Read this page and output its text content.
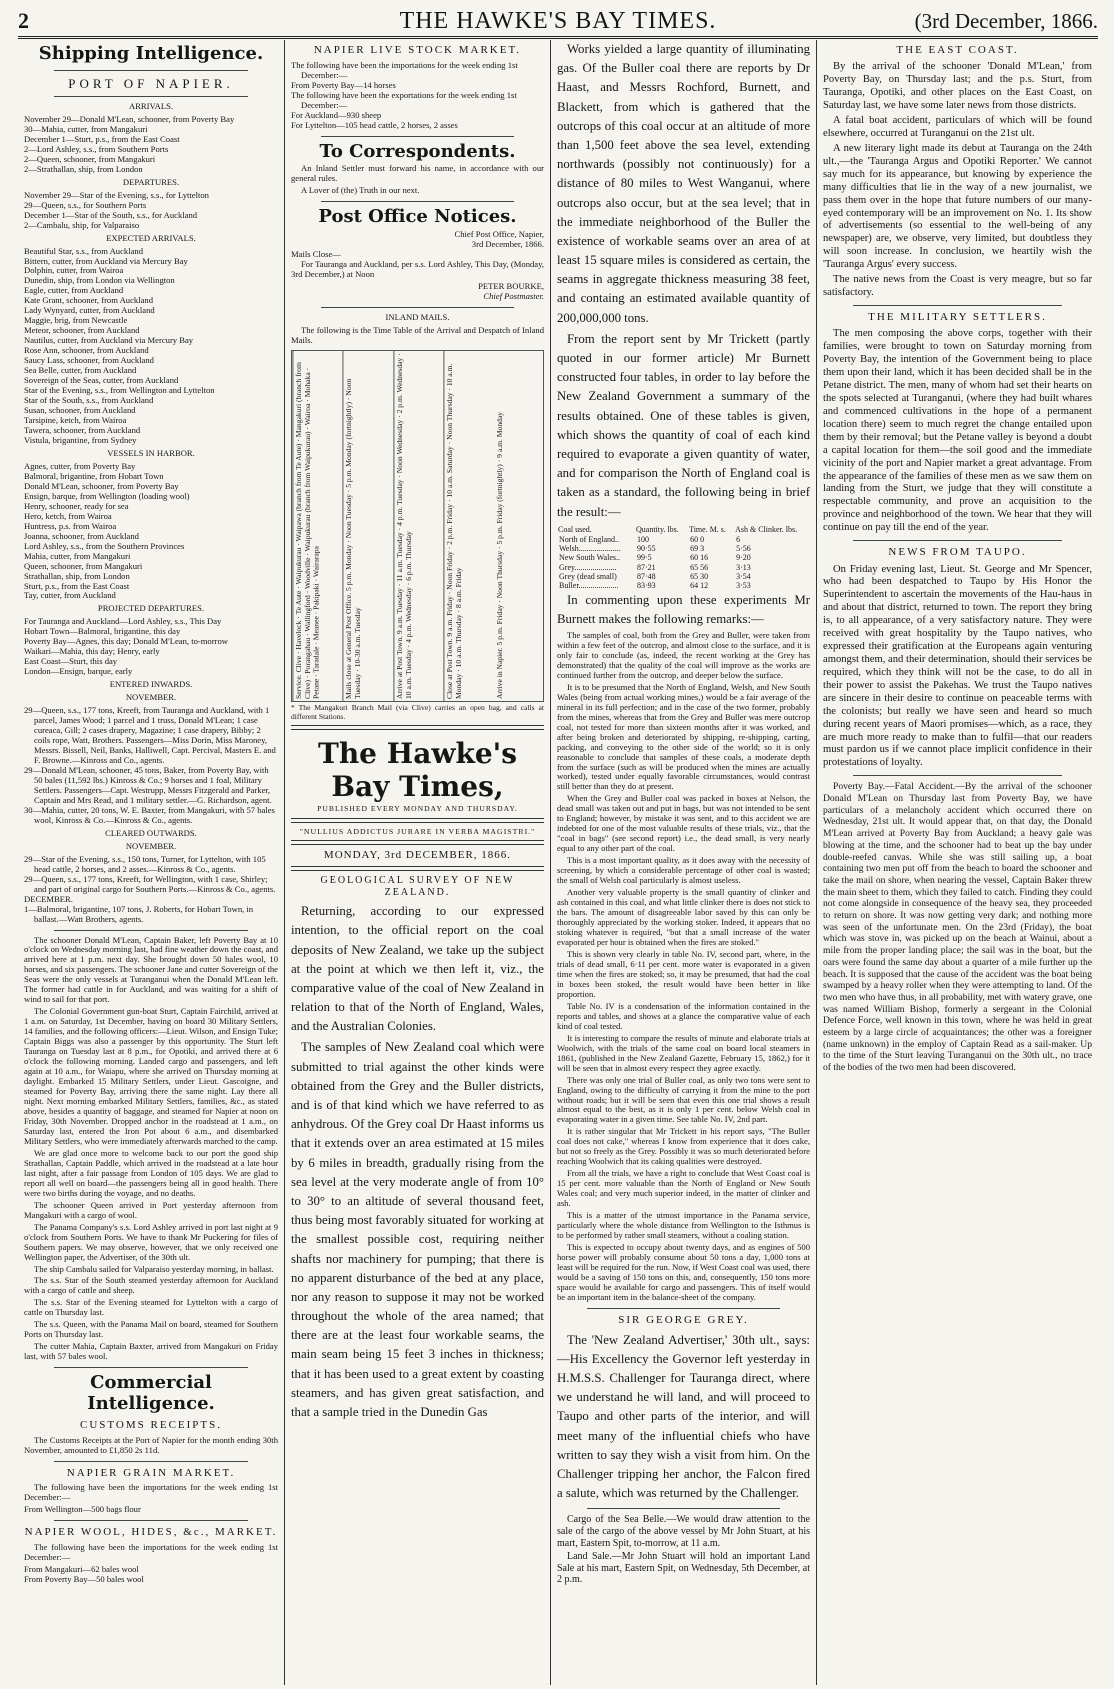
2	THE HAWKE'S BAY TIMES.	(3rd December, 1866.
Shipping Intelligence.
PORT OF NAPIER.
ARRIVALS.

November 29—Donald M'Lean, schooner, from Poverty Bay

30—Mahia, cutter, from Mangakuri

December 1—Sturt, p.s., from the East Coast

2—Lord Ashley, s.s., from Southern Ports

2—Queen, schooner, from Mangakuri

2—Strathallan, ship, from London

DEPARTURES.

November 29—Star of the Evening, s.s., for Lyttelton

29—Queen, s.s., for Southern Ports

December 1—Star of the South, s.s., for Auckland

2—Cambalu, ship, for Valparaiso

EXPECTED ARRIVALS.

Beautiful Star, s.s., from Auckland

Bittern, cutter, from Auckland via Mercury Bay

Dolphin, cutter, from Wairoa

Dunedin, ship, from London via Wellington

Eagle, cutter, from Auckland

Kate Grant, schooner, from Auckland

Lady Wynyard, cutter, from Auckland

Maggie, brig, from Newcastle

Meteor, schooner, from Auckland

Nautilus, cutter, from Auckland via Mercury Bay

Rose Ann, schooner, from Auckland

Saucy Lass, schooner, from Auckland

Sea Belle, cutter, from Auckland

Sovereign of the Seas, cutter, from Auckland

Star of the Evening, s.s., from Wellington and Lyttelton

Star of the South, s.s., from Auckland

Susan, schooner, from Auckland

Tarsipine, ketch, from Wairoa

Tawera, schooner, from Auckland

Vistula, brigantine, from Sydney

VESSELS IN HARBOR.

Agnes, cutter, from Poverty Bay

Balmoral, brigantine, from Hobart Town

Donald M'Lean, schooner, from Poverty Bay

Ensign, barque, from Wellington (loading wool)

Henry, schooner, ready for sea

Hero, ketch, from Wairoa

Huntress, p.s. from Wairoa

Joanna, schooner, from Auckland

Lord Ashley, s.s., from the Southern Provinces

Mahia, cutter, from Mangakuri

Queen, schooner, from Mangakuri

Strathallan, ship, from London

Sturt, p.s., from the East Coast

Tay, cutter, from Auckland

PROJECTED DEPARTURES.

For Tauranga and Auckland—Lord Ashley, s.s., This Day

Hobart Town—Balmoral, brigantine, this day

Poverty Bay—Agnes, this day; Donald M'Lean, to-morrow

Waikari—Mahia, this day; Henry, early

East Coast—Sturt, this day

London—Ensign, barque, early

ENTERED INWARDS.
NOVEMBER.

29—Queen, s.s., 177 tons, Kreeft, from Tauranga and Auckland, with 1 parcel, James Wood; 1 parcel and 1 truss, Donald M'Lean; 1 case cureaca, Gill; 2 cases drapery, Magazine; 1 case drapery, Bibby; 2 coils rope, Watt, Brothers. Passengers—Miss Dorin, Miss Maroney, Messrs. Bissell, Neil, Banks, Halliwell, Capt. Percival, Masters E. and F. Browne.—Kinross and Co., agents.

29—Donald M'Lean, schooner, 45 tons, Baker, from Poverty Bay, with 50 bales (11,592 lbs.) Kinross & Co.; 9 horses and 1 foal, Military Settlers. Passengers—Capt. Westrupp, Messrs Fitzgerald and Parker, Captain and Mrs Read, and 1 military settler.—G. Richardson, agent.

30—Mahia, cutter, 20 tons, W. E. Baxter, from Mangakuri, with 57 bales wool, Kinross & Co.—Kinross & Co., agents.

CLEARED OUTWARDS.
NOVEMBER.

29—Star of the Evening, s.s., 150 tons, Turner, for Lyttelton, with 105 head cattle, 2 horses, and 2 asses.—Kinross & Co., agents.

29—Queen, s.s., 177 tons, Kreeft, for Wellington, with 1 case, Shirley; and part of original cargo for Southern Ports.—Kinross & Co., agents.

DECEMBER.

1—Balmoral, brigantine, 107 tons, J. Roberts, for Hobart Town, in ballast.—Watt Brothers, agents.

The schooner Donald M'Lean, Captain Baker, left Poverty Bay at 10 o'clock on Wednesday morning last, had fine weather down the coast, and arrived here at 1 p.m. next day. She brought down 50 bales wool, 10 horses, and six passengers. The schooner Jane and cutter Sovereign of the Seas were the only vessels at Turanganui when the Donald M'Lean left. The former had cattle in for Auckland, and was waiting for a shift of wind to sail for that port.

The Colonial Government gun-boat Sturt, Captain Fairchild, arrived at 1 a.m. on Saturday, 1st December, having on board 30 Military Settlers, 14 families, and the following officers:—Lieut. Wilson, and Ensign Tuke; Captain Biggs was also a passenger by this opportunity. The Sturt left Tauranga on Tuesday last at 8 p.m., for Opotiki, and arrived there at 6 o'clock the following morning. Landed cargo and passengers, and left again at 10 a.m., for Waiapu, where she arrived on Thursday morning at daylight. Embarked 15 Military Settlers, under Lieut. Gascoigne, and steamed for Poverty Bay, arriving there the same night. Lay there all night. Next morning embarked Military Settlers, families, &c., as stated above, besides a quantity of baggage, and steamed for Napier at noon on Friday, 30th November. Dropped anchor in the roadstead at 1 a.m., on Saturday last, entered the Iron Pot about 6 a.m., and disembarked Military Settlers, who were immediately afterwards marched to the camp.

We are glad once more to welcome back to our port the good ship Strathallan, Captain Paddle, which arrived in the roadstead at a late hour last night, after a fair passage from London of 105 days. We are glad to report all well on board—the passengers being all in good health. There were two births during the voyage, and no deaths.

The schooner Queen arrived in Port yesterday afternoon from Mangakuri with a cargo of wool.

The Panama Company's s.s. Lord Ashley arrived in port last night at 9 o'clock from Southern Ports. We have to thank Mr Puckering for files of Southern papers. We may observe, however, that we only received one Wellington paper, the Advertiser, of the 30th ult.

The ship Cambalu sailed for Valparaiso yesterday morning, in ballast.

The s.s. Star of the South steamed yesterday afternoon for Auckland with a cargo of cattle and sheep.

The s.s. Star of the Evening steamed for Lyttelton with a cargo of cattle on Thursday last.

The s.s. Queen, with the Panama Mail on board, steamed for Southern Ports on Thursday last.

The cutter Mahia, Captain Baxter, arrived from Mangakuri on Friday last, with 57 bales wool.

Commercial Intelligence.
CUSTOMS RECEIPTS.

The Customs Receipts at the Port of Napier for the month ending 30th November, amounted to £1,850 2s 11d.

NAPIER GRAIN MARKET.

The following have been the importations for the week ending 1st December:—

From Wellington—500 bags flour

NAPIER WOOL, HIDES, &c., MARKET.

The following have been the importations for the week ending 1st December:—

From Mangakuri—62 bales wool

From Poverty Bay—50 bales wool

NAPIER LIVE STOCK MARKET.

The following have been the importations for the week ending 1st December:—

From Poverty Bay—14 horses

The following have been the exportations for the week ending 1st December:—

For Auckland—930 sheep

For Lyttelton—105 head cattle, 2 horses, 2 asses

To Correspondents.

An Inland Settler must forward his name, in accordance with our general rules.

A Lover of (the) Truth in our next.

Post Office Notices.
Chief Post Office, Napier,
3rd December, 1866.
Mails Close—

For Tauranga and Auckland, per s.s. Lord Ashley, This Day, (Monday, 3rd December,) at Noon

PETER BOURKE,
Chief Postmaster.
INLAND MAILS.

The following is the Time Table of the Arrival and Despatch of Inland Mails.

Service. Clive · Havelock · Te Aute · Waipukurau · Waipawa (branch from Te Aute) · Mangakuri (branch from Clive) · Porangahau · Wallingford · Woodville · Waipukurau (branch from Waipukurau) · Wairoa · Mohaka · Petane · Taradale · Meanee · Pakipaki · Wairarapa	Mails close at General Post Office. 5 p.m. Monday · Noon Tuesday · 5 p.m. Monday (fortnightly) · Noon Tuesday · 10-30 a.m. Tuesday	Arrive at Post Town. 9 a.m. Tuesday · 11 a.m. Tuesday · 4 p.m. Tuesday · Noon Wednesday · 2 p.m. Wednesday · 10 a.m. Tuesday · 4 p.m. Wednesday · 6 p.m. Thursday	Close at Post Town. 9 a.m. Friday · Noon Friday · 2 p.m. Friday · 10 a.m. Saturday · Noon Thursday · 10 a.m. Monday · 10 a.m. Thursday · 8 a.m. Friday	Arrive in Napier. 5 p.m. Friday · Noon Thursday · 5 p.m. Friday (fortnightly) · 9 a.m. Monday

* The Mangakuri Branch Mail (via Clive) carries an open bag, and calls at different Stations.

The Hawke's Bay Times,
PUBLISHED EVERY MONDAY AND THURSDAY.
"NULLIUS ADDICTUS JURARE IN VERBA MAGISTRI."
MONDAY, 3rd DECEMBER, 1866.
GEOLOGICAL SURVEY OF NEW ZEALAND.

Returning, according to our expressed intention, to the official report on the coal deposits of New Zealand, we take up the subject at the point at which we then left it, viz., the comparative value of the coal of New Zealand in relation to that of the North of England, Wales, and the Australian Colonies.

The samples of New Zealand coal which were submitted to trial against the other kinds were obtained from the Grey and the Buller districts, and is of that kind which we have referred to as anhydrous. Of the Grey coal Dr Haast informs us that it extends over an area estimated at 15 miles by 6 miles in breadth, gradually rising from the sea level at the very moderate angle of from 10° to 30° to an altitude of several thousand feet, thus being most favorably situated for working at the smallest possible cost, requiring neither shafts nor machinery for pumping; that there is no apparent disturbance of the bed at any place, nor any reason to suppose it may not be worked throughout the whole of the area named; that there are at the least four workable seams, the main seam being 15 feet 3 inches in thickness; that it has been used to a great extent by coasting steamers, and has given great satisfaction, and that a sample tried in the Dunedin Gas

Works yielded a large quantity of illuminating gas. Of the Buller coal there are reports by Dr Haast, and Messrs Rochford, Burnett, and Blackett, from which is gathered that the outcrops of this coal occur at an altitude of more than 1,500 feet above the sea level, extending northwards (possibly not continuously) for a distance of 80 miles to West Wanganui, where outcrops also occur, but at the sea level; that in the immediate neighborhood of the Buller the existence of workable seams over an area of at least 15 square miles is considered as certain, the seams in aggregate thickness measuring 38 feet, and containg an estimated available quantity of 200,000,000 tons.

From the report sent by Mr Trickett (partly quoted in our former article) Mr Burnett constructed four tables, in order to lay before the New Zealand Government a summary of the results obtained. One of these tables is given, which shows the quantity of coal of each kind required to evaporate a given quantity of water, and for comparison the North of England coal is taken as a standard, the following being in brief the result:—

Coal used.	Quantity. lbs.	Time. M. s.	Ash & Clinker. lbs.
North of England..	100	60 0	6
Welsh.....................	90·55	69 3	5·56
New South Wales..	99·5	60 16	9·20
Grey.....................	87·21	65 56	3·13
Grey (dead small)	87·48	65 30	3·54
Buller....................	83·93	64 12	3·53

In commenting upon these experiments Mr Burnett makes the following remarks:—

The samples of coal, both from the Grey and Buller, were taken from within a few feet of the outcrop, and almost close to the surface, and it is only fair to conclude (as, indeed, the recent working at the Grey has demonstrated) that the quality of the coal will improve as the works are continued further from the outcrop, and deeper below the surface.

It is to be presumed that the North of England, Welsh, and New South Wales (being from actual working mines,) would be a fair average of the mineral in its full perfection; and in the case of the two former, probably from the mines, whereas that from the Grey and Buller was mere outcrop coal, not tested for more than sixteen months after it was worked, and after being broken and deteriorated by shipping, re-shipping, carting, packing, and conveying to the other side of the world; so it is only reasonable to conclude that samples of these coals, a moderate depth from the surface (such as will be produced when the mines are actually worked), tested under equally favorable circumstances, would contrast still better than they do at present.

When the Grey and Buller coal was packed in boxes at Nelson, the dead small was taken out and put in bags, but was not intended to be sent to England; however, by mistake it was sent, and to this accident we are indebted for one of the most valuable results of these trials, viz., that the "coal in bags" (see second report) i.e., the dead small, is very nearly equal to any other part of the coal.

This is a most important quality, as it does away with the necessity of screening, by which a considerable percentage of other coal is wasted; the small of Welsh coal particularly is almost useless.

Another very valuable property is the small quantity of clinker and ash contained in this coal, and what little clinker there is does not stick to the bars. The amount of disagreeable labor saved by this can only be thoroughly appreciated by the working stoker. Indeed, it appears that no stoking whatever is required, "but that a small increase of the water evaporated per hour is obtained when the fires are stoked."

This is shown very clearly in table No. IV, second part, where, in the trials of dead small, 6·11 per cent. more water is evaporated in a given time when the fires are stoked; so, it may be presumed, that had the coal in boxes been stoked, the result would have been better in like proportion.

Table No. IV is a condensation of the information contained in the reports and tables, and shows at a glance the comparative value of each kind of coal tested.

It is interesting to compare the results of minute and elaborate trials at Woolwich, with the trials of the same coal on board local steamers in 1861, (published in the New Zealand Gazette, February 15, 1862,) for it will be seen that in almost every respect they agree exactly.

There was only one trial of Buller coal, as only two tons were sent to England, owing to the difficulty of carrying it from the mine to the port without roads; but it will be seen that even this one trial shows a result almost equal to the best, as it is only 1 per cent. below Welsh coal in evaporating water in a given time. See table No. IV, 2nd part.

It is rather singular that Mr Trickett in his report says, "The Buller coal does not cake," whereas I know from experience that it does cake, but not so freely as the Grey. Possibly it was so much deteriorated before reaching Woolwich that its caking qualities were destroyed.

From all the trials, we have a right to conclude that West Coast coal is 15 per cent. more valuable than the North of England or New South Wales coal; and very much superior indeed, in the matter of clinker and ash.

This is a matter of the utmost importance in the Panama service, particularly where the whole distance from Wellington to the Isthmus is to be performed by rather small steamers, without a coaling station.

This is expected to occupy about twenty days, and as engines of 500 horse power will probably consume about 50 tons a day, 1,000 tons at least will be required for the run. Now, if West Coast coal was used, there would be a saving of 150 tons on this, and, consequently, 150 tons more space would be available for cargo and passengers. This of itself would be an important item in the balance-sheet of the company.

SIR GEORGE GREY.

The 'New Zealand Advertiser,' 30th ult., says:—His Excellency the Governor left yesterday in H.M.S.S. Challenger for Tauranga direct, where we understand he will land, and will proceed to Taupo and other parts of the interior, and will meet many of the influential chiefs who have written to say they wish a visit from him. On the Challenger tripping her anchor, the Falcon fired a salute, which was returned by the Challenger.

Cargo of the Sea Belle.—We would draw attention to the sale of the cargo of the above vessel by Mr John Stuart, at his mart, Eastern Spit, to-morrow, at 11 a.m.

Land Sale.—Mr John Stuart will hold an important Land Sale at his mart, Eastern Spit, on Wednesday, 5th December, at 2 p.m.

THE EAST COAST.

By the arrival of the schooner 'Donald M'Lean,' from Poverty Bay, on Thursday last; and the p.s. Sturt, from Tauranga, Opotiki, and other places on the East Coast, on Saturday last, we have some later news from those districts.

A fatal boat accident, particulars of which will be found elsewhere, occurred at Turanganui on the 21st ult.

A new literary light made its debut at Tauranga on the 24th ult.,—the 'Tauranga Argus and Opotiki Reporter.' We cannot say much for its appearance, but knowing by experience the many difficulties that lie in the way of a new journalist, we pass them over in the hope that future numbers of our many-eyed contemporary will be an improvement on No. 1. Its show of advertisements (so essential to the well-being of any newspaper) are, we observe, very limited, but doubtless they will soon increase. In conclusion, we heartily wish the 'Tauranga Argus' every success.

The native news from the Coast is very meagre, but so far satisfactory.

THE MILITARY SETTLERS.

The men composing the above corps, together with their families, were brought to town on Saturday morning from Poverty Bay, the intention of the Government being to place them upon their land, which it has been decided shall be in the Petane district. The men, many of whom had set their hearts on the spots selected at Turanganui, (where they had built whares and commenced cultivations in the hope of a permanent location there) seem to much regret the change entailed upon them by their removal; but the Petane valley is beyond a doubt a capital location for them—the soil good and the immediate vicinity of the port and Napier market a great advantage. From the appearance of the families of these men as we saw them on landing from the Sturt, we judge that they will constitute a respectable community, and prove an acquisition to the province and neighborhood of the town. We hear that they will continue on pay till the end of the year.

NEWS FROM TAUPO.

On Friday evening last, Lieut. St. George and Mr Spencer, who had been despatched to Taupo by His Honor the Superintendent to ascertain the movements of the Hau-haus in and about that district, returned to town. The report they bring is, to all appearance, of a very satisfactory nature. They were received with great hospitality by the Taupo natives, who expressed their gratification at the Europeans again venturing amongst them, and their determination, should their services be required, which they think will not be the case, to do all in their power to assist the Pakehas. We trust the Taupo natives are sincere in their desire to continue on peaceable terms with the colonists; but really we have seen and heard so much during recent years of Maori promises—which, as a race, they are much more ready to make than to fulfil—that our readers must pardon us if we cannot place implicit confidence in their protestations of loyalty.

Poverty Bay.—Fatal Accident.—By the arrival of the schooner Donald M'Lean on Thursday last from Poverty Bay, we have particulars of a melancholy accident which occurred there on Wednesday, 21st ult. It would appear that, on that day, the Donald M'Lean arrived at Poverty Bay from Auckland; a heavy gale was blowing at the time, and the schooner had to beat up the bay under double-reefed canvas. While she was still sailing up, a boat containing two men put off from the beach to board the schooner and take the mail on shore, when nearing the vessel, Captain Baker threw the main sheet to them, which they failed to catch. Finding they could not come alongside in consequence of the heavy sea, they proceeded to return on shore. It was now getting very dark; and nothing more was seen of the unfortunate men. On the 23rd (Friday), the boat which was stove in, was picked up on the beach at Wainui, about a mile from the proper landing place; the sail was in the boat, but the oars were found the same day about a quarter of a mile further up the beach. It is supposed that the cause of the accident was the boat being swamped by a heavy roller when they were attempting to land. Of the two men who have thus, in all probability, met with watery grave, one was named William Bishop, formerly a sergeant in the Colonial Defence Force, well known in this town, where he was held in great esteem by a large circle of acquaintances; the other was a foreigner (name unknown) in the employ of Captain Read as a sail-maker. Up to the time of the Sturt leaving Turanganui on the 30th ult., no trace of the bodies of the two men had been discovered.
